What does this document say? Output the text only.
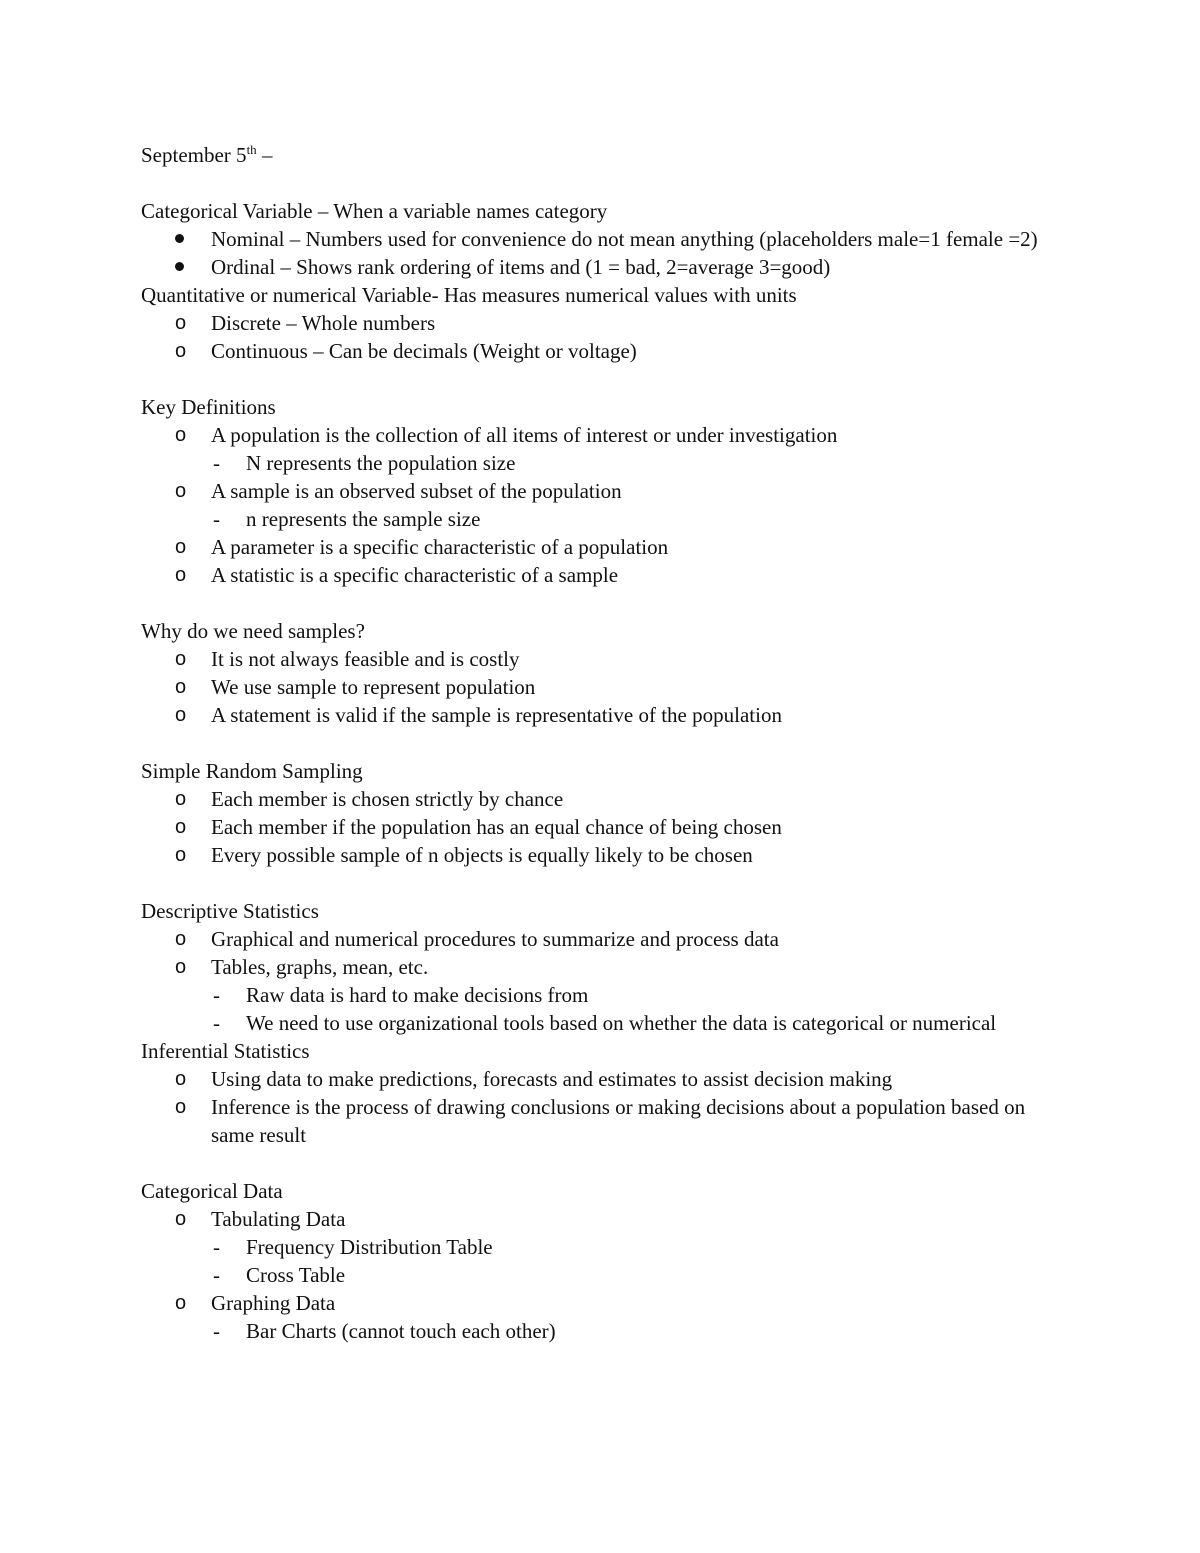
September 5th –

Categorical Variable – When a variable names category

Nominal – Numbers used for convenience do not mean anything (placeholders male=1 female =2)
Ordinal – Shows rank ordering of items and (1 = bad, 2=average 3=good)

Quantitative or numerical Variable- Has measures numerical values with units

o	Discrete – Whole numbers
o	Continuous – Can be decimals (Weight or voltage)

Key Definitions

o	A population is the collection of all items of interest or under investigation
- N represents the population size
o	A sample is an observed subset of the population
- n represents the sample size
o	A parameter is a specific characteristic of a population
o	A statistic is a specific characteristic of a sample

Why do we need samples?

o	It is not always feasible and is costly
o	We use sample to represent population
o	A statement is valid if the sample is representative of the population

Simple Random Sampling

o	Each member is chosen strictly by chance
o	Each member if the population has an equal chance of being chosen
o	Every possible sample of n objects is equally likely to be chosen

Descriptive Statistics

o	Graphical and numerical procedures to summarize and process data
o	Tables, graphs, mean, etc.
- Raw data is hard to make decisions from
- We need to use organizational tools based on whether the data is categorical or numerical

Inferential Statistics

o	Using data to make predictions, forecasts and estimates to assist decision making
o	Inference is the process of drawing conclusions or making decisions about a population based on same result

Categorical Data

o	Tabulating Data
- Frequency Distribution Table
- Cross Table
o	Graphing Data
- Bar Charts (cannot touch each other)
